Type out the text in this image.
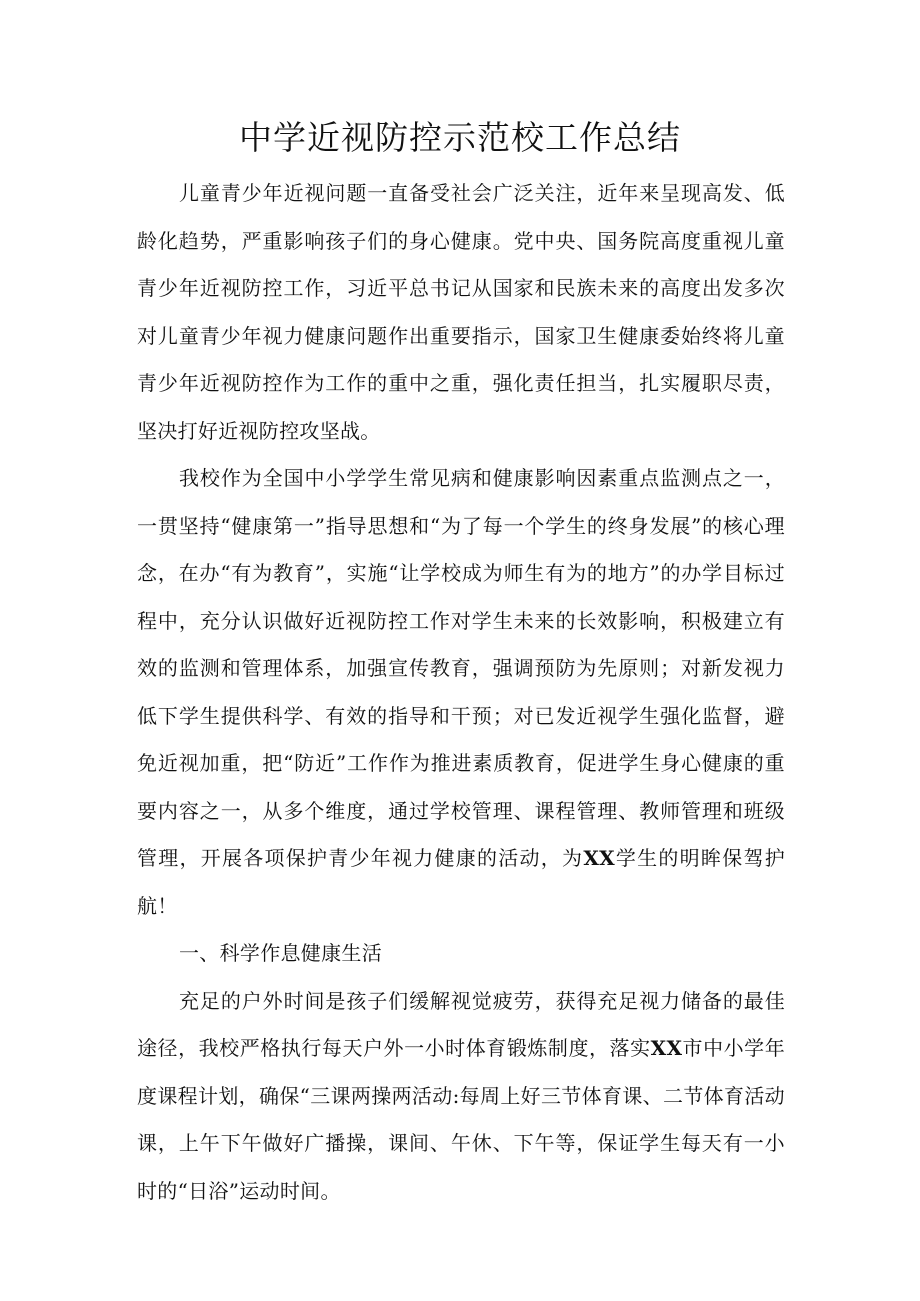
中学近视防控示范校工作总结

儿童青少年近视问题一直备受社会广泛关注，近年来呈现高发、低龄化趋势，严重影响孩子们的身心健康。党中央、国务院高度重视儿童青少年近视防控工作，习近平总书记从国家和民族未来的高度出发多次对儿童青少年视力健康问题作出重要指示，国家卫生健康委始终将儿童青少年近视防控作为工作的重中之重，强化责任担当，扎实履职尽责，坚决打好近视防控攻坚战。

我校作为全国中小学学生常见病和健康影响因素重点监测点之一，一贯坚持“健康第一”指导思想和“为了每一个学生的终身发展”的核心理念，在办“有为教育”，实施“让学校成为师生有为的地方”的办学目标过程中，充分认识做好近视防控工作对学生未来的长效影响，积极建立有效的监测和管理体系，加强宣传教育，强调预防为先原则；对新发视力低下学生提供科学、有效的指导和干预；对已发近视学生强化监督，避免近视加重，把“防近”工作作为推进素质教育，促进学生身心健康的重要内容之一，从多个维度，通过学校管理、课程管理、教师管理和班级管理，开展各项保护青少年视力健康的活动，为XX学生的明眸保驾护航！

一、科学作息健康生活

充足的户外时间是孩子们缓解视觉疲劳，获得充足视力储备的最佳途径，我校严格执行每天户外一小时体育锻炼制度，落实XX市中小学年度课程计划，确保“三课两操两活动:每周上好三节体育课、二节体育活动课，上午下午做好广播操，课间、午休、下午等，保证学生每天有一小时的“日浴”运动时间。
